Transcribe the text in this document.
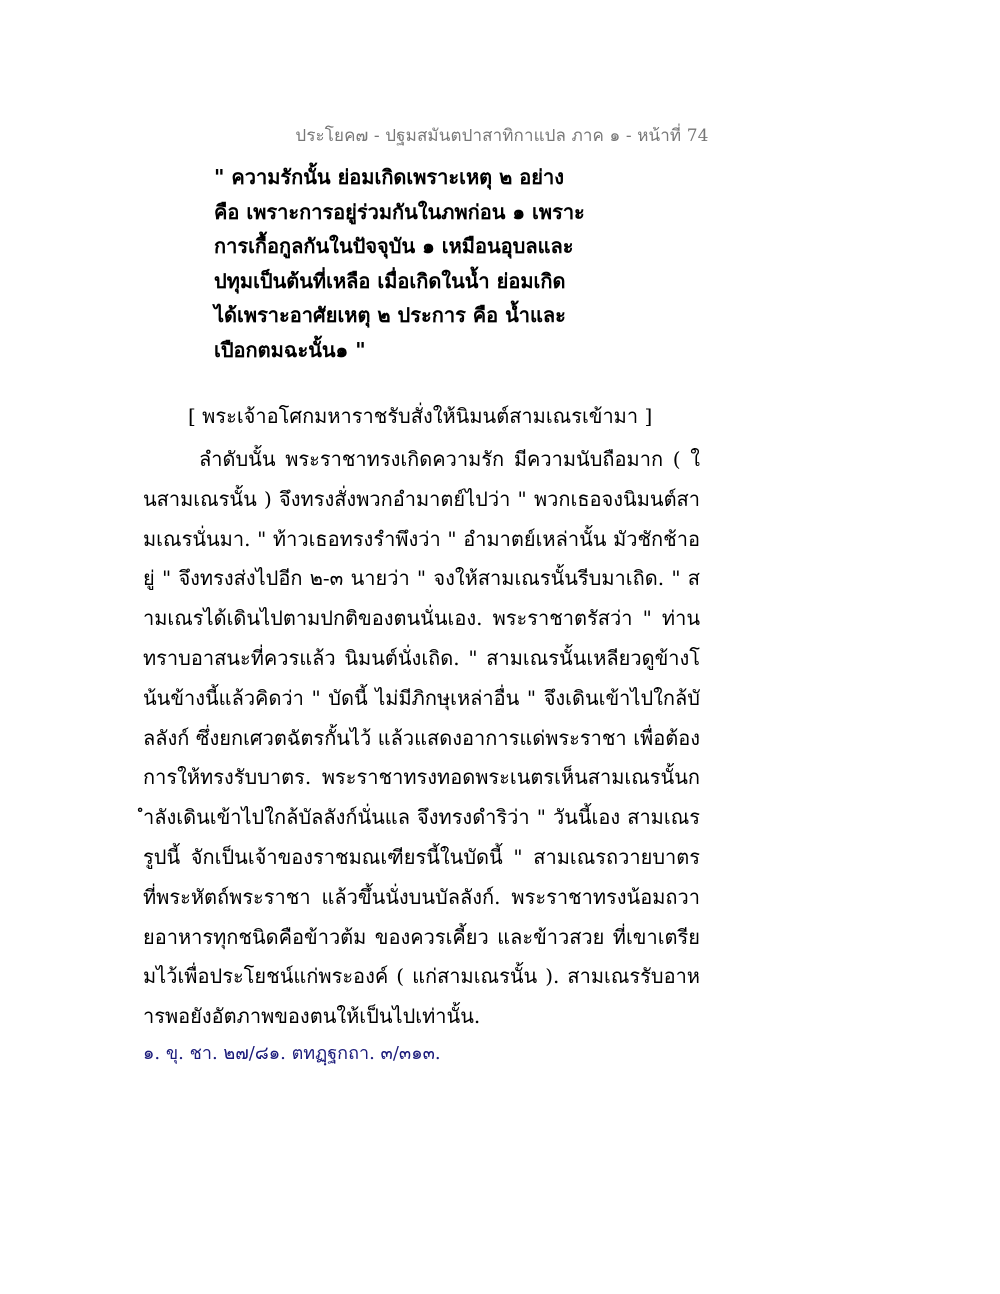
ประโยค๗ - ปฐมสมันตปาสาทิกาแปล ภาค ๑ - หน้าที่ 74
" ความรักนั้น ย่อมเกิดเพราะเหตุ ๒ อย่าง
คือ เพราะการอยู่ร่วมกันในภพก่อน ๑ เพราะ
การเกื้อกูลกันในปัจจุบัน ๑ เหมือนอุบลและ
ปทุมเป็นต้นที่เหลือ เมื่อเกิดในน้ำ ย่อมเกิด
ได้เพราะอาศัยเหตุ ๒ ประการ คือ น้ำและ
เปือกตมฉะนั้น๑ "
[ พระเจ้าอโศกมหาราชรับสั่งให้นิมนต์สามเณรเข้ามา ]
ลำดับนั้น พระราชาทรงเกิดความรัก มีความนับถือมาก ( ในสามเณรนั้น ) จึงทรงสั่งพวกอำมาตย์ไปว่า " พวกเธอจงนิมนต์สามเณรนั่นมา. " ท้าวเธอทรงรำพึงว่า " อำมาตย์เหล่านั้น มัวชักช้าอยู่ " จึงทรงส่งไปอีก ๒-๓ นายว่า " จงให้สามเณรนั้นรีบมาเถิด. " สามเณรได้เดินไปตามปกติของตนนั่นเอง. พระราชาตรัสว่า " ท่านทราบอาสนะที่ควรแล้ว นิมนต์นั่งเถิด. " สามเณรนั้นเหลียวดูข้างโน้นข้างนี้แล้วคิดว่า " บัดนี้ ไม่มีภิกษุเหล่าอื่น " จึงเดินเข้าไปใกล้บัลลังก์ ซึ่งยกเศวตฉัตรกั้นไว้ แล้วแสดงอาการแด่พระราชา เพื่อต้องการให้ทรงรับบาตร. พระราชาทรงทอดพระเนตรเห็นสามเณรนั้นกำลังเดินเข้าไปใกล้บัลลังก์นั่นแล จึงทรงดำริว่า " วันนี้เอง สามเณรรูปนี้ จักเป็นเจ้าของราชมณเฑียรนี้ในบัดนี้ " สามเณรถวายบาตรที่พระหัตถ์พระราชา แล้วขึ้นนั่งบนบัลลังก์. พระราชาทรงน้อมถวายอาหารทุกชนิดคือข้าวต้ม ของควรเคี้ยว และข้าวสวย ที่เขาเตรียมไว้เพื่อประโยชน์แก่พระองค์ ( แก่สามเณรนั้น ). สามเณรรับอาหารพอยังอัตภาพของตนให้เป็นไปเท่านั้น.
๑. ขุ. ชา. ๒๗/๘๑. ตทฏฺฐกถา. ๓/๓๑๓.
